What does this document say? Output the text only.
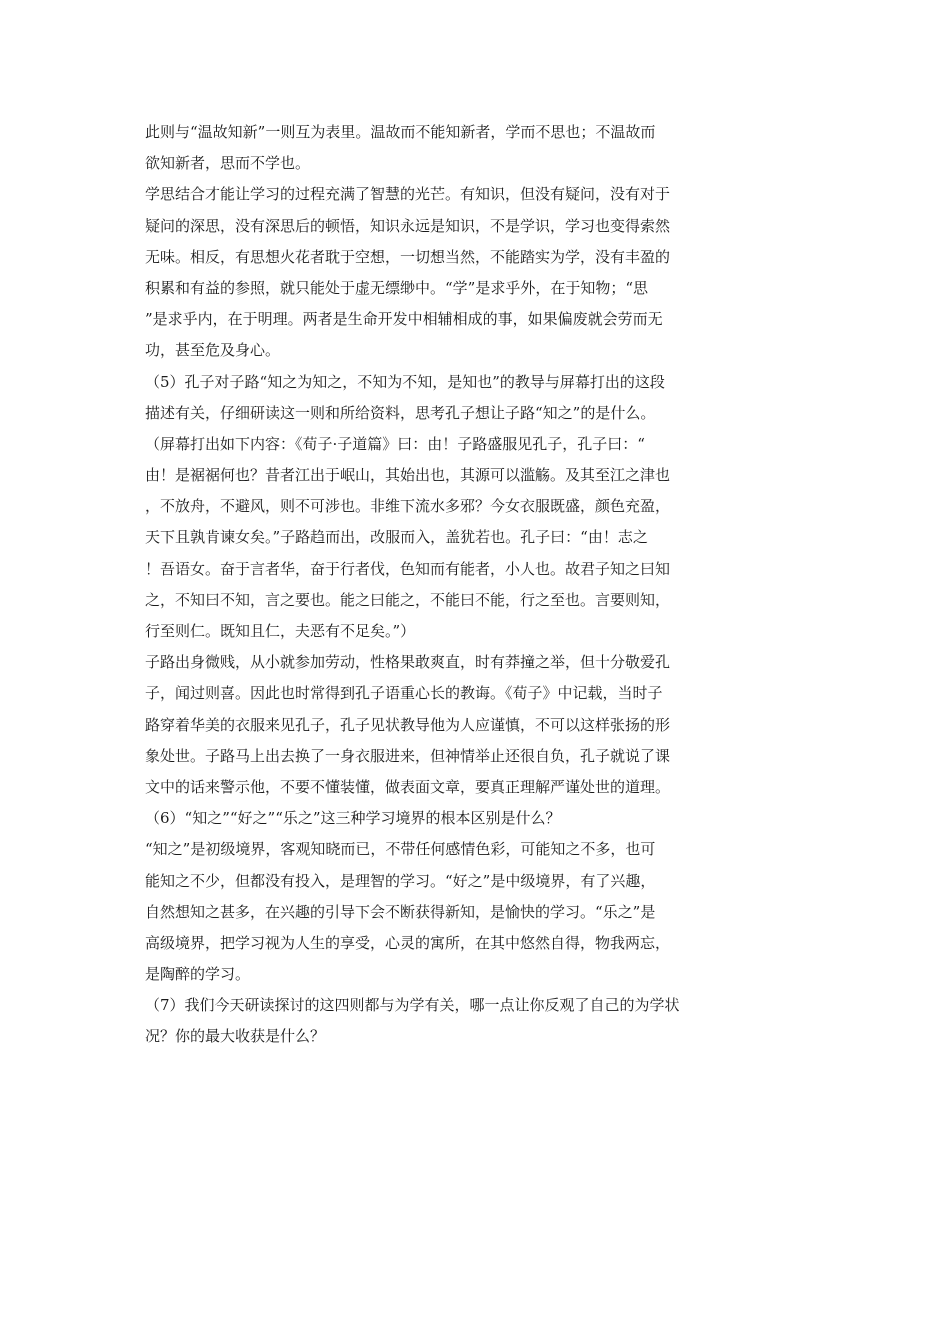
此则与“温故知新”一则互为表里。温故而不能知新者，学而不思也；不温故而
欲知新者，思而不学也。
学思结合才能让学习的过程充满了智慧的光芒。有知识，但没有疑问，没有对于
疑问的深思，没有深思后的顿悟，知识永远是知识，不是学识，学习也变得索然
无味。相反，有思想火花者耽于空想，一切想当然，不能踏实为学，没有丰盈的
积累和有益的参照，就只能处于虚无缥缈中。“学”是求乎外，在于知物；“思
”是求乎内，在于明理。两者是生命开发中相辅相成的事，如果偏废就会劳而无
功，甚至危及身心。
（5）孔子对子路“知之为知之，不知为不知，是知也”的教导与屏幕打出的这段
描述有关，仔细研读这一则和所给资料，思考孔子想让子路“知之”的是什么。
（屏幕打出如下内容：《荀子·子道篇》曰：由！子路盛服见孔子，孔子曰：“
由！是裾裾何也？昔者江出于岷山，其始出也，其源可以滥觞。及其至江之津也
，不放舟，不避风，则不可涉也。非维下流水多邪？今女衣服既盛，颜色充盈，
天下且孰肯谏女矣。”子路趋而出，改服而入，盖犹若也。孔子曰：“由！志之
！吾语女。奋于言者华，奋于行者伐，色知而有能者，小人也。故君子知之曰知
之，不知曰不知，言之要也。能之曰能之，不能曰不能，行之至也。言要则知，
行至则仁。既知且仁，夫恶有不足矣。”）
子路出身微贱，从小就参加劳动，性格果敢爽直，时有莽撞之举，但十分敬爱孔
子，闻过则喜。因此也时常得到孔子语重心长的教诲。《荀子》中记载，当时子
路穿着华美的衣服来见孔子，孔子见状教导他为人应谨慎，不可以这样张扬的形
象处世。子路马上出去换了一身衣服进来，但神情举止还很自负，孔子就说了课
文中的话来警示他，不要不懂装懂，做表面文章，要真正理解严谨处世的道理。
（6）“知之”“好之”“乐之”这三种学习境界的根本区别是什么？
“知之”是初级境界，客观知晓而已，不带任何感情色彩，可能知之不多，也可
能知之不少，但都没有投入，是理智的学习。“好之”是中级境界，有了兴趣，
自然想知之甚多，在兴趣的引导下会不断获得新知，是愉快的学习。“乐之”是
高级境界，把学习视为人生的享受，心灵的寓所，在其中悠然自得，物我两忘，
是陶醉的学习。
（7）我们今天研读探讨的这四则都与为学有关，哪一点让你反观了自己的为学状
况？你的最大收获是什么？
